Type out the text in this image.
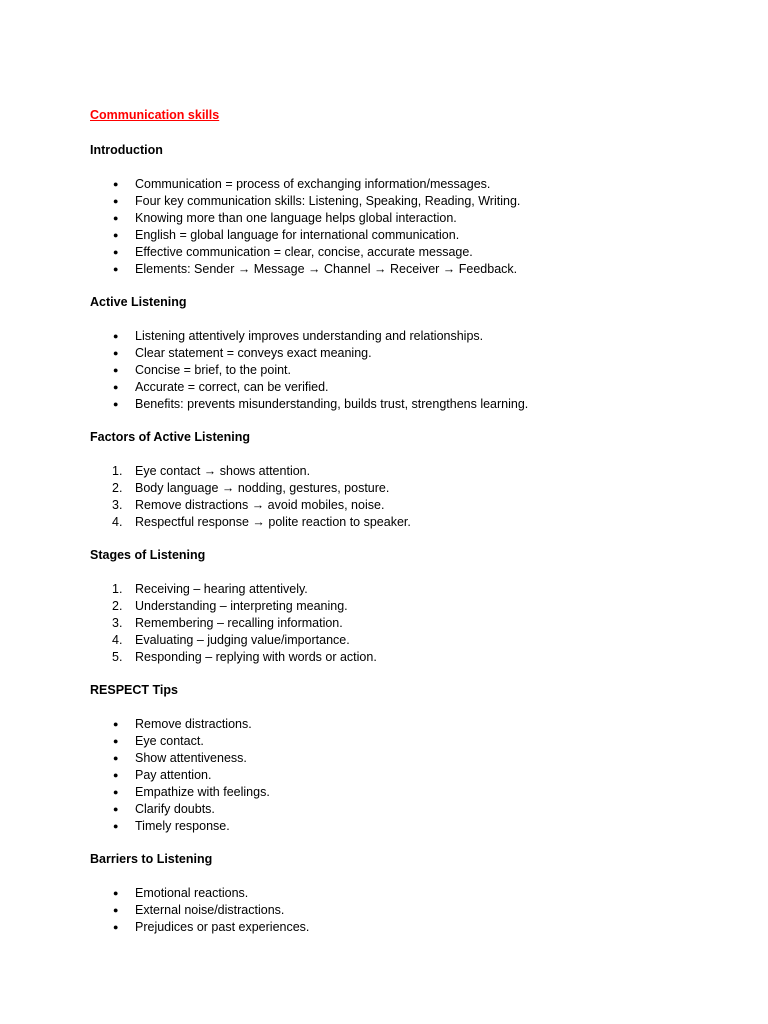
Communication skills
Introduction
●	Communication = process of exchanging information/messages.
●	Four key communication skills: Listening, Speaking, Reading, Writing.
●	Knowing more than one language helps global interaction.
●	English = global language for international communication.
●	Effective communication = clear, concise, accurate message.
●	Elements: Sender → Message → Channel → Receiver → Feedback.
Active Listening
●	Listening attentively improves understanding and relationships.
●	Clear statement = conveys exact meaning.
●	Concise = brief, to the point.
●	Accurate = correct, can be verified.
●	Benefits: prevents misunderstanding, builds trust, strengthens learning.
Factors of Active Listening
1.	Eye contact → shows attention.
2.	Body language → nodding, gestures, posture.
3.	Remove distractions → avoid mobiles, noise.
4.	Respectful response → polite reaction to speaker.
Stages of Listening
1.	Receiving – hearing attentively.
2.	Understanding – interpreting meaning.
3.	Remembering – recalling information.
4.	Evaluating – judging value/importance.
5.	Responding – replying with words or action.
RESPECT Tips
●	Remove distractions.
●	Eye contact.
●	Show attentiveness.
●	Pay attention.
●	Empathize with feelings.
●	Clarify doubts.
●	Timely response.
Barriers to Listening
●	Emotional reactions.
●	External noise/distractions.
●	Prejudices or past experiences.
